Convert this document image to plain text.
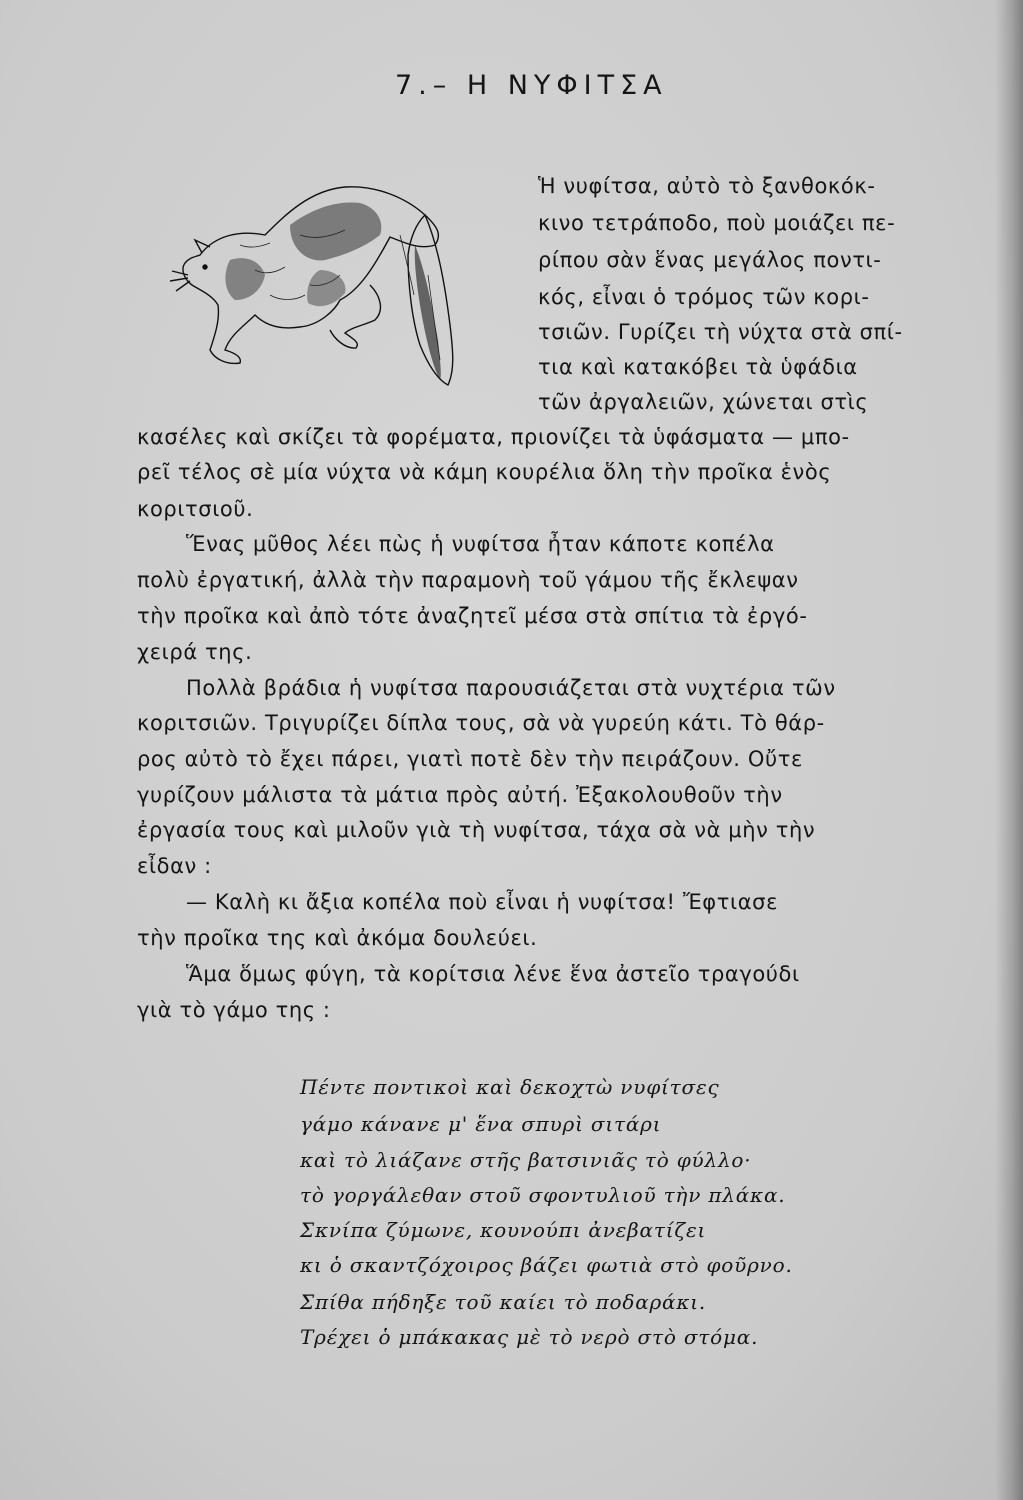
7.– Η ΝΥΦΙΤΣΑ
Ἡ νυφίτσα, αὐτὸ τὸ ξανθοκόκ-
κινο τετράποδο, ποὺ μοιάζει πε-
ρίπου σὰν ἕνας μεγάλος ποντι-
κός, εἶναι ὁ τρόμος τῶν κορι-
τσιῶν. Γυρίζει τὴ νύχτα στὰ σπί-
τια καὶ κατακόβει τὰ ὑφάδια
τῶν ἀργαλειῶν, χώνεται στὶς
κασέλες καὶ σκίζει τὰ φορέματα, πριονίζει τὰ ὑφάσματα — μπο-
ρεῖ τέλος σὲ μία νύχτα νὰ κάμη κουρέλια ὅλη τὴν προῖκα ἑνὸς
κοριτσιοῦ.
Ἕνας μῦθος λέει πὼς ἡ νυφίτσα ἦταν κάποτε κοπέλα
πολὺ ἐργατική, ἀλλὰ τὴν παραμονὴ τοῦ γάμου τῆς ἔκλεψαν
τὴν προῖκα καὶ ἀπὸ τότε ἀναζητεῖ μέσα στὰ σπίτια τὰ ἐργό-
χειρά της.
Πολλὰ βράδια ἡ νυφίτσα παρουσιάζεται στὰ νυχτέρια τῶν
κοριτσιῶν. Τριγυρίζει δίπλα τους, σὰ νὰ γυρεύη κάτι. Τὸ θάρ-
ρος αὐτὸ τὸ ἔχει πάρει, γιατὶ ποτὲ δὲν τὴν πειράζουν. Οὔτε
γυρίζουν μάλιστα τὰ μάτια πρὸς αὐτή. Ἐξακολουθοῦν τὴν
ἐργασία τους καὶ μιλοῦν γιὰ τὴ νυφίτσα, τάχα σὰ νὰ μὴν τὴν
εἶδαν :
— Καλὴ κι ἄξια κοπέλα ποὺ εἶναι ἡ νυφίτσα! Ἔφτιασε
τὴν προῖκα της καὶ ἀκόμα δουλεύει.
Ἅμα ὅμως φύγη, τὰ κορίτσια λένε ἕνα ἀστεῖο τραγούδι
γιὰ τὸ γάμο της :
Πέντε ποντικοὶ καὶ δεκοχτὼ νυφίτσες
γάμο κάνανε μ' ἕνα σπυρὶ σιτάρι
καὶ τὸ λιάζανε στῆς βατσινιᾶς τὸ φύλλο·
τὸ γοργάλεθαν στοῦ σφοντυλιοῦ τὴν πλάκα.
Σκνίπα ζύμωνε, κουνούπι ἀνεβατίζει
κι ὁ σκαντζόχοιρος βάζει φωτιὰ στὸ φοῦρνο.
Σπίθα πήδηξε τοῦ καίει τὸ ποδαράκι.
Τρέχει ὁ μπάκακας μὲ τὸ νερὸ στὸ στόμα.
